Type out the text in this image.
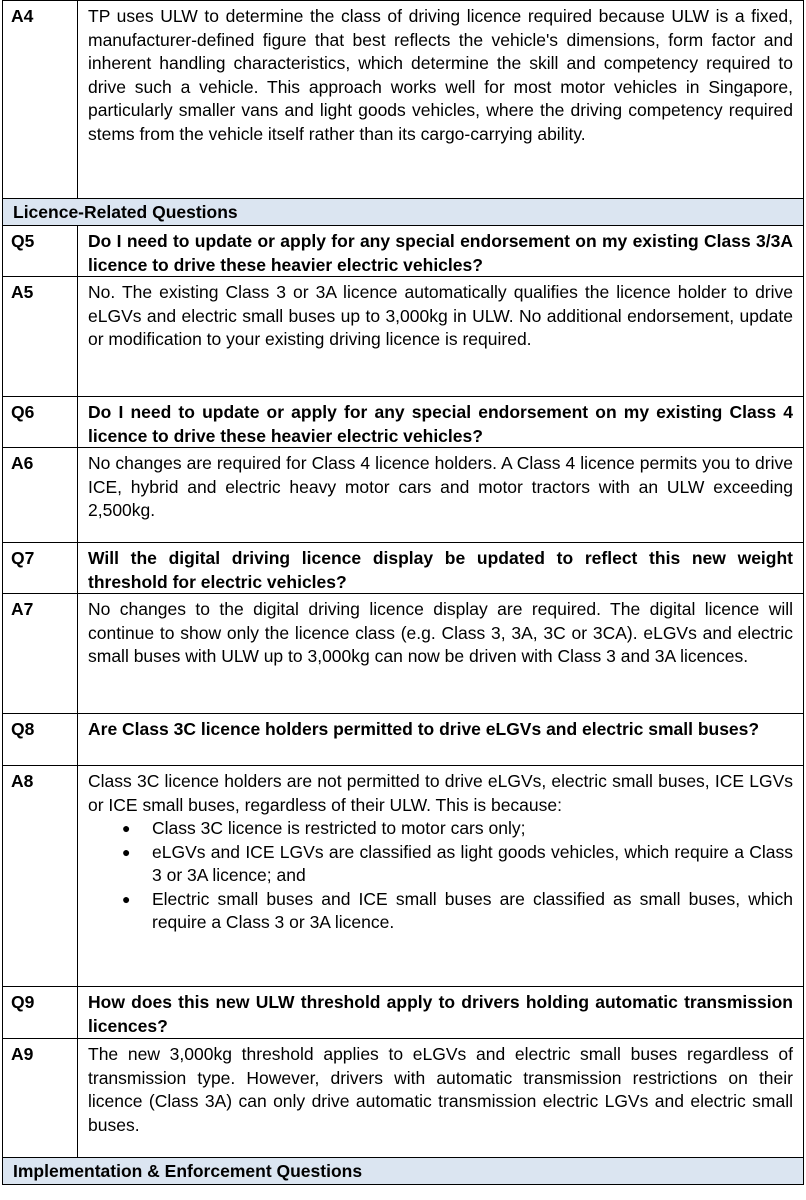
A4	TP uses ULW to determine the class of driving licence required because ULW is a fixed, manufacturer-defined figure that best reflects the vehicle's dimensions, form factor and inherent handling characteristics, which determine the skill and competency required to drive such a vehicle. This approach works well for most motor vehicles in Singapore, particularly smaller vans and light goods vehicles, where the driving competency required stems from the vehicle itself rather than its cargo-carrying ability.
Licence-Related Questions
Q5	Do I need to update or apply for any special endorsement on my existing Class 3/3A licence to drive these heavier electric vehicles?
A5	No. The existing Class 3 or 3A licence automatically qualifies the licence holder to drive eLGVs and electric small buses up to 3,000kg in ULW. No additional endorsement, update or modification to your existing driving licence is required.
Q6	Do I need to update or apply for any special endorsement on my existing Class 4 licence to drive these heavier electric vehicles?
A6	No changes are required for Class 4 licence holders. A Class 4 licence permits you to drive ICE, hybrid and electric heavy motor cars and motor tractors with an ULW exceeding 2,500kg.
Q7	Will the digital driving licence display be updated to reflect this new weight threshold for electric vehicles?
A7	No changes to the digital driving licence display are required. The digital licence will continue to show only the licence class (e.g. Class 3, 3A, 3C or 3CA). eLGVs and electric small buses with ULW up to 3,000kg can now be driven with Class 3 and 3A licences.
Q8	Are Class 3C licence holders permitted to drive eLGVs and electric small buses?
A8	Class 3C licence holders are not permitted to drive eLGVs, electric small buses, ICE LGVs or ICE small buses, regardless of their ULW. This is because:
● Class 3C licence is restricted to motor cars only;
● eLGVs and ICE LGVs are classified as light goods vehicles, which require a Class 3 or 3A licence; and
● Electric small buses and ICE small buses are classified as small buses, which require a Class 3 or 3A licence.
Q9	How does this new ULW threshold apply to drivers holding automatic transmission licences?
A9	The new 3,000kg threshold applies to eLGVs and electric small buses regardless of transmission type. However, drivers with automatic transmission restrictions on their licence (Class 3A) can only drive automatic transmission electric LGVs and electric small buses.
Implementation & Enforcement Questions
